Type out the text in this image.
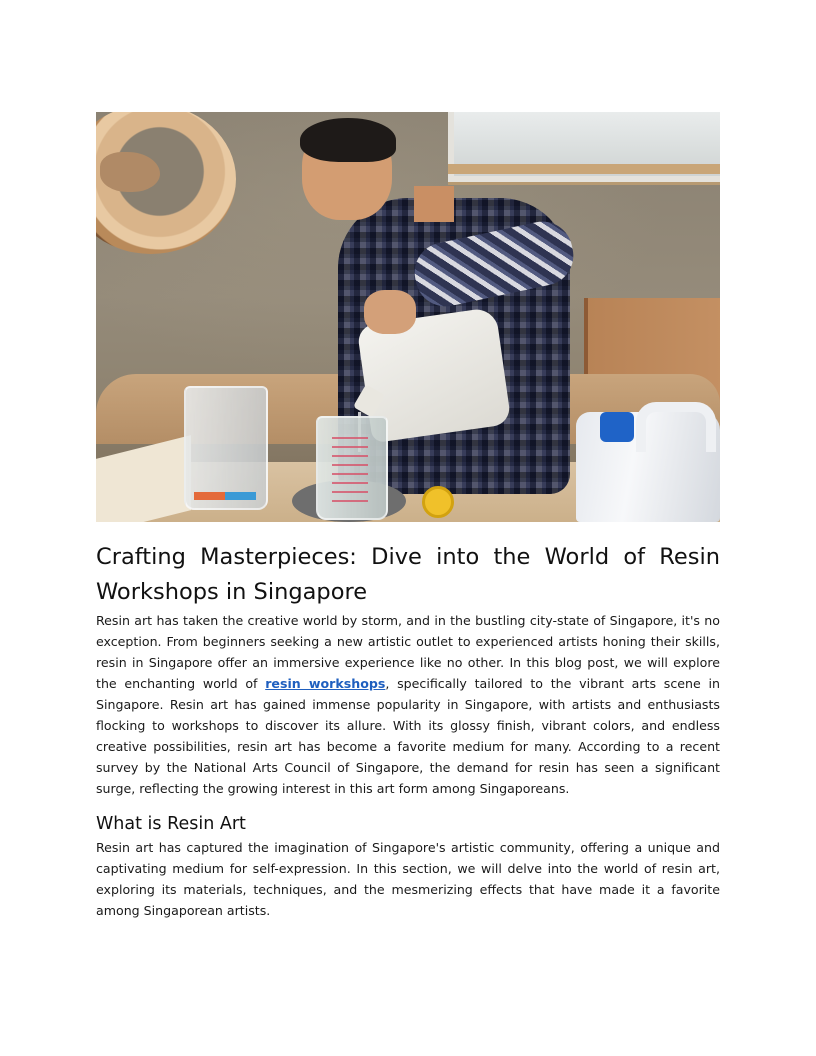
Crafting Masterpieces: Dive into the World of Resin Workshops in Singapore

Resin art has taken the creative world by storm, and in the bustling city-state of Singapore, it's no exception. From beginners seeking a new artistic outlet to experienced artists honing their skills, resin in Singapore offer an immersive experience like no other. In this blog post, we will explore the enchanting world of resin workshops, specifically tailored to the vibrant arts scene in Singapore. Resin art has gained immense popularity in Singapore, with artists and enthusiasts flocking to workshops to discover its allure. With its glossy finish, vibrant colors, and endless creative possibilities, resin art has become a favorite medium for many. According to a recent survey by the National Arts Council of Singapore, the demand for resin has seen a significant surge, reflecting the growing interest in this art form among Singaporeans.

What is Resin Art

Resin art has captured the imagination of Singapore's artistic community, offering a unique and captivating medium for self-expression. In this section, we will delve into the world of resin art, exploring its materials, techniques, and the mesmerizing effects that have made it a favorite among Singaporean artists.
